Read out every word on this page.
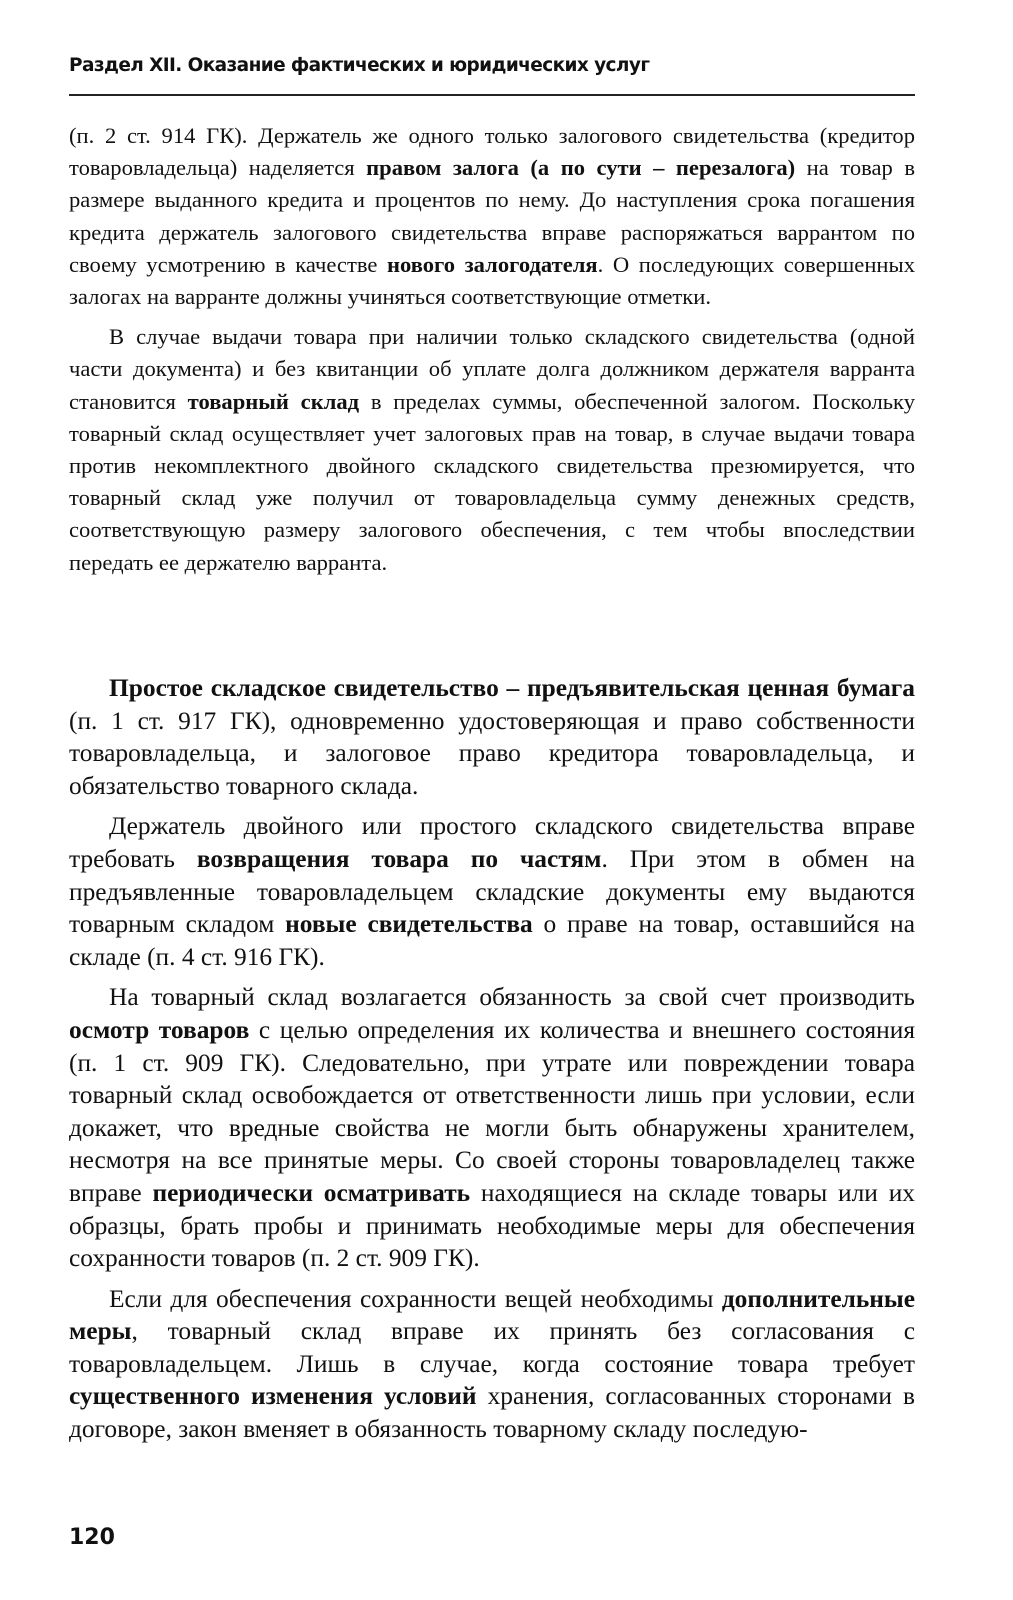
Раздел XII. Оказание фактических и юридических услуг

(п. 2 ст. 914 ГК). Держатель же одного только залогового свидетельства (кредитор товаровладельца) наделяется правом залога (а по сути – перезалога) на товар в размере выданного кредита и процентов по нему. До наступления срока погашения кредита держатель залогового свидетельства вправе распоряжаться варрантом по своему усмотрению в качестве нового залогодателя. О последующих совершенных залогах на варранте должны учиняться соответствующие отметки.

В случае выдачи товара при наличии только складского свидетельства (одной части документа) и без квитанции об уплате долга должником держателя варранта становится товарный склад в пределах суммы, обеспеченной залогом. Поскольку товарный склад осуществляет учет залоговых прав на товар, в случае выдачи товара против некомплектного двойного складского свидетельства презюмируется, что товарный склад уже получил от товаровладельца сумму денежных средств, соответствующую размеру залогового обеспечения, с тем чтобы впоследствии передать ее держателю варранта.

Простое складское свидетельство – предъявительская ценная бумага (п. 1 ст. 917 ГК), одновременно удостоверяющая и право собственности товаровладельца, и залоговое право кредитора товаровладельца, и обязательство товарного склада.

Держатель двойного или простого складского свидетельства вправе требовать возвращения товара по частям. При этом в обмен на предъявленные товаровладельцем складские документы ему выдаются товарным складом новые свидетельства о праве на товар, оставшийся на складе (п. 4 ст. 916 ГК).

На товарный склад возлагается обязанность за свой счет производить осмотр товаров с целью определения их количества и внешнего состояния (п. 1 ст. 909 ГК). Следовательно, при утрате или повреждении товара товарный склад освобождается от ответственности лишь при условии, если докажет, что вредные свойства не могли быть обнаружены хранителем, несмотря на все принятые меры. Со своей стороны товаровладелец также вправе периодически осматривать находящиеся на складе товары или их образцы, брать пробы и принимать необходимые меры для обеспечения сохранности товаров (п. 2 ст. 909 ГК).

Если для обеспечения сохранности вещей необходимы дополнительные меры, товарный склад вправе их принять без согласования с товаровладельцем. Лишь в случае, когда состояние товара требует существенного изменения условий хранения, согласованных сторонами в договоре, закон вменяет в обязанность товарному складу последую-

120
